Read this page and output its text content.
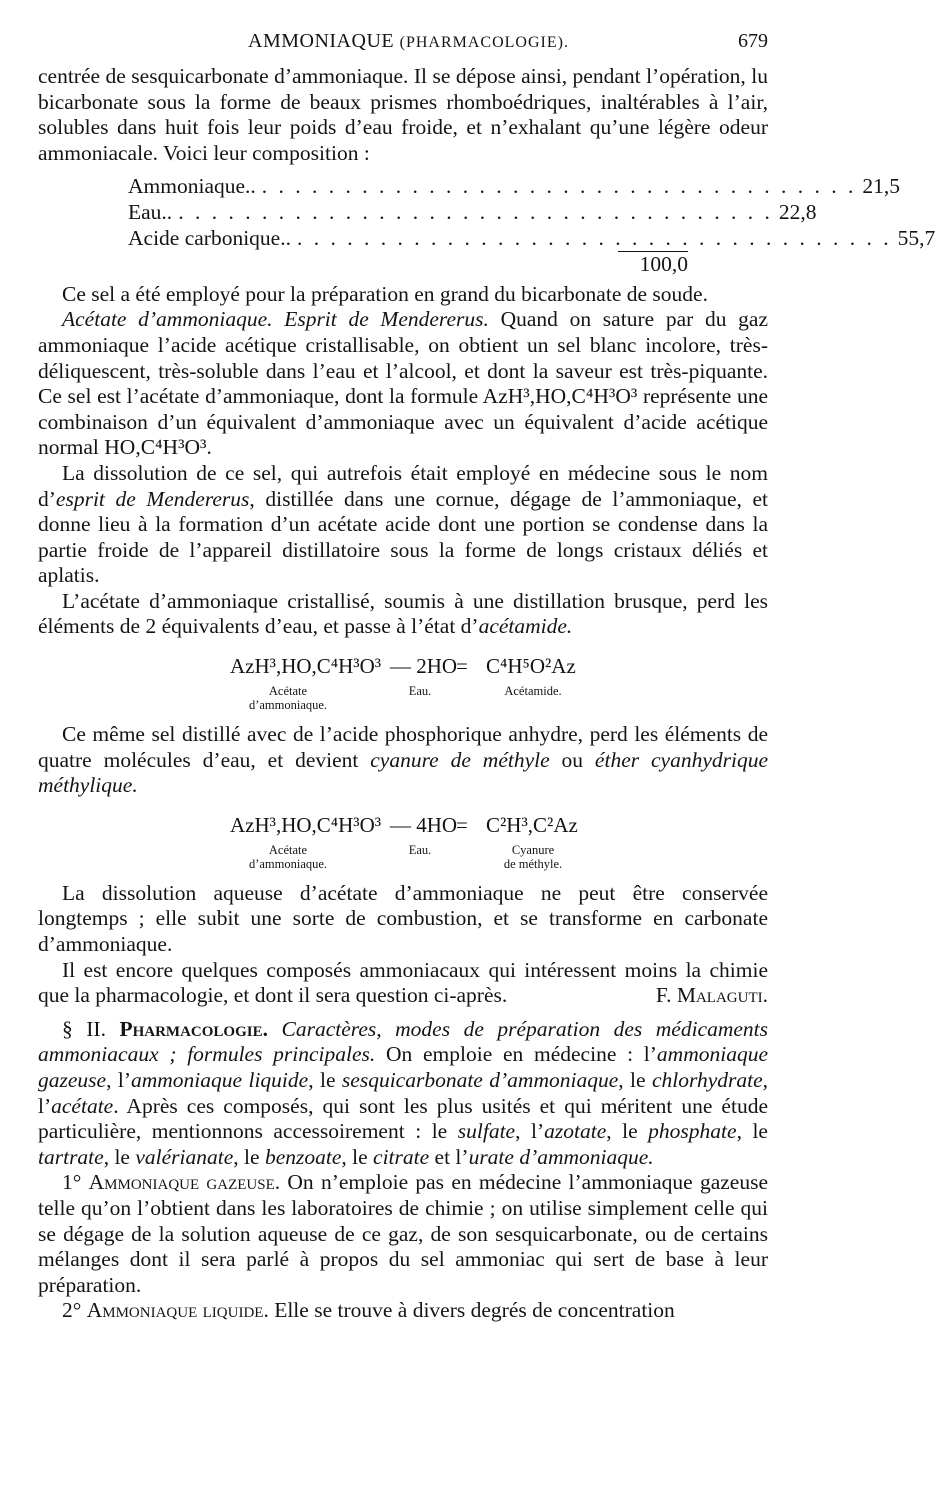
AMMONIAQUE (PHARMACOLOGIE).	679

centrée de sesquicarbonate d’ammoniaque. Il se dépose ainsi, pendant l’opération, lu bicarbonate sous la forme de beaux prismes rhomboédriques, inaltérables à l’air, solubles dans huit fois leur poids d’eau froide, et n’exhalant qu’une légère odeur ammoniacale. Voici leur composition :

Ammoniaque.. . . . . . . . . . . . . . . . . . . . . . . . . . . . . . . . . . . . . 21,5
Eau.. . . . . . . . . . . . . . . . . . . . . . . . . . . . . . . . . . . . . 22,8
Acide carbonique.. . . . . . . . . . . . . . . . . . . . . . . . . . . . . . . . . . . . . 55,7
100,0

Ce sel a été employé pour la préparation en grand du bicarbonate de soude.

Acétate d’ammoniaque. Esprit de Mendererus. Quand on sature par du gaz ammoniaque l’acide acétique cristallisable, on obtient un sel blanc incolore, très-déliquescent, très-soluble dans l’eau et l’alcool, et dont la saveur est très-piquante. Ce sel est l’acétate d’ammoniaque, dont la formule AzH³,HO,C⁴H³O³ représente une combinaison d’un équivalent d’ammoniaque avec un équivalent d’acide acétique normal HO,C⁴H³O³.

La dissolution de ce sel, qui autrefois était employé en médecine sous le nom d’esprit de Mendererus, distillée dans une cornue, dégage de l’ammoniaque, et donne lieu à la formation d’un acétate acide dont une portion se condense dans la partie froide de l’appareil distillatoire sous la forme de longs cristaux déliés et aplatis.

L’acétate d’ammoniaque cristallisé, soumis à une distillation brusque, perd les éléments de 2 équivalents d’eau, et passe à l’état d’acétamide.

AzH³,HO,C⁴H³O³ — 2HO
= C⁴H⁵O²Az
Acétate
d’ammoniaque.
Eau.	Acétamide.

Ce même sel distillé avec de l’acide phosphorique anhydre, perd les éléments de quatre molécules d’eau, et devient cyanure de méthyle ou éther cyanhydrique méthylique.

AzH³,HO,C⁴H³O³ — 4HO
= C²H³,C²Az
Acétate
d’ammoniaque.
Eau.	Cyanure
de méthyle.

La dissolution aqueuse d’acétate d’ammoniaque ne peut être conservée longtemps ; elle subit une sorte de combustion, et se transforme en carbonate d’ammoniaque.

Il est encore quelques composés ammoniacaux qui intéressent moins la chimie que la pharmacologie, et dont il sera question ci-après.	F. Malaguti.

§ II. Pharmacologie. Caractères, modes de préparation des médicaments ammoniacaux ; formules principales. On emploie en médecine : l’ammoniaque gazeuse, l’ammoniaque liquide, le sesquicarbonate d’ammoniaque, le chlorhydrate, l’acétate. Après ces composés, qui sont les plus usités et qui méritent une étude particulière, mentionnons accessoirement : le sulfate, l’azotate, le phosphate, le tartrate, le valérianate, le benzoate, le citrate et l’urate d’ammoniaque.

1° Ammoniaque gazeuse. On n’emploie pas en médecine l’ammoniaque gazeuse telle qu’on l’obtient dans les laboratoires de chimie ; on utilise simplement celle qui se dégage de la solution aqueuse de ce gaz, de son sesquicarbonate, ou de certains mélanges dont il sera parlé à propos du sel ammoniac qui sert de base à leur préparation.

2° Ammoniaque liquide. Elle se trouve à divers degrés de concentration
